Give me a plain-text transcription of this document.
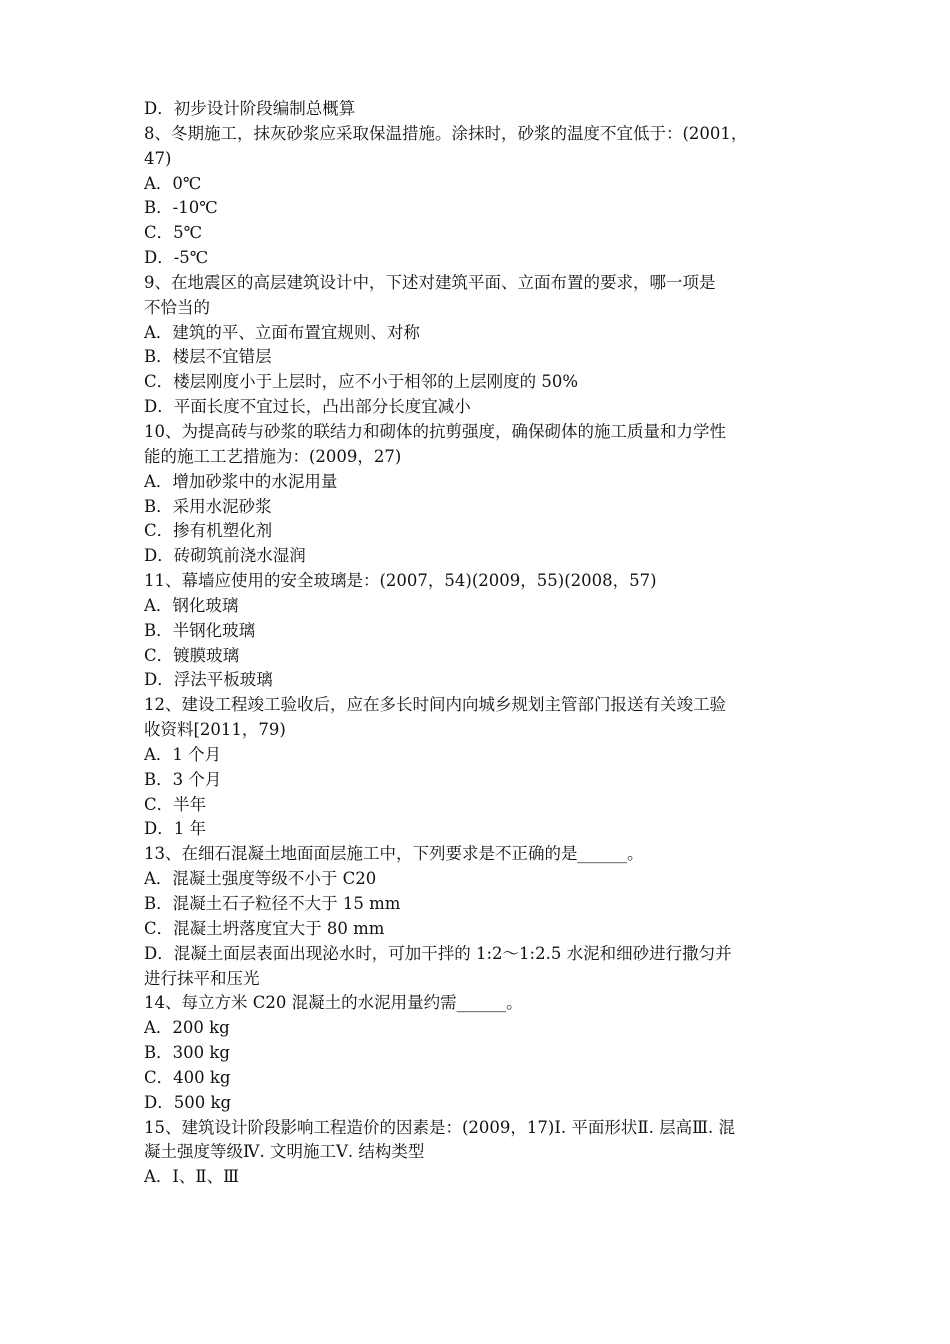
D．初步设计阶段编制总概算

8、冬期施工，抹灰砂浆应采取保温措施。涂抹时，砂浆的温度不宜低于：(2001，

47)

A．0℃

B．-10℃

C．5℃

D．-5℃

9、在地震区的高层建筑设计中，下述对建筑平面、立面布置的要求，哪一项是

不恰当的

A．建筑的平、立面布置宜规则、对称

B．楼层不宜错层

C．楼层刚度小于上层时，应不小于相邻的上层刚度的 50%

D．平面长度不宜过长，凸出部分长度宜减小

10、为提高砖与砂浆的联结力和砌体的抗剪强度，确保砌体的施工质量和力学性

能的施工工艺措施为：(2009，27)

A．增加砂浆中的水泥用量

B．采用水泥砂浆

C．掺有机塑化剂

D．砖砌筑前浇水湿润

11、幕墙应使用的安全玻璃是：(2007，54)(2009，55)(2008，57)

A．钢化玻璃

B．半钢化玻璃

C．镀膜玻璃

D．浮法平板玻璃

12、建设工程竣工验收后，应在多长时间内向城乡规划主管部门报送有关竣工验

收资料[2011，79)

A．1 个月

B．3 个月

C．半年

D．1 年

13、在细石混凝土地面面层施工中，下列要求是不正确的是______。

A．混凝土强度等级不小于 C20

B．混凝土石子粒径不大于 15 mm

C．混凝土坍落度宜大于 80 mm

D．混凝土面层表面出现泌水时，可加干拌的 1:2～1:2.5 水泥和细砂进行撒匀并

进行抹平和压光

14、每立方米 C20 混凝土的水泥用量约需______。

A．200 kg

B．300 kg

C．400 kg

D．500 kg

15、建筑设计阶段影响工程造价的因素是：(2009，17)Ⅰ. 平面形状Ⅱ. 层高Ⅲ. 混

凝土强度等级Ⅳ. 文明施工Ⅴ. 结构类型

A．Ⅰ、Ⅱ、Ⅲ
